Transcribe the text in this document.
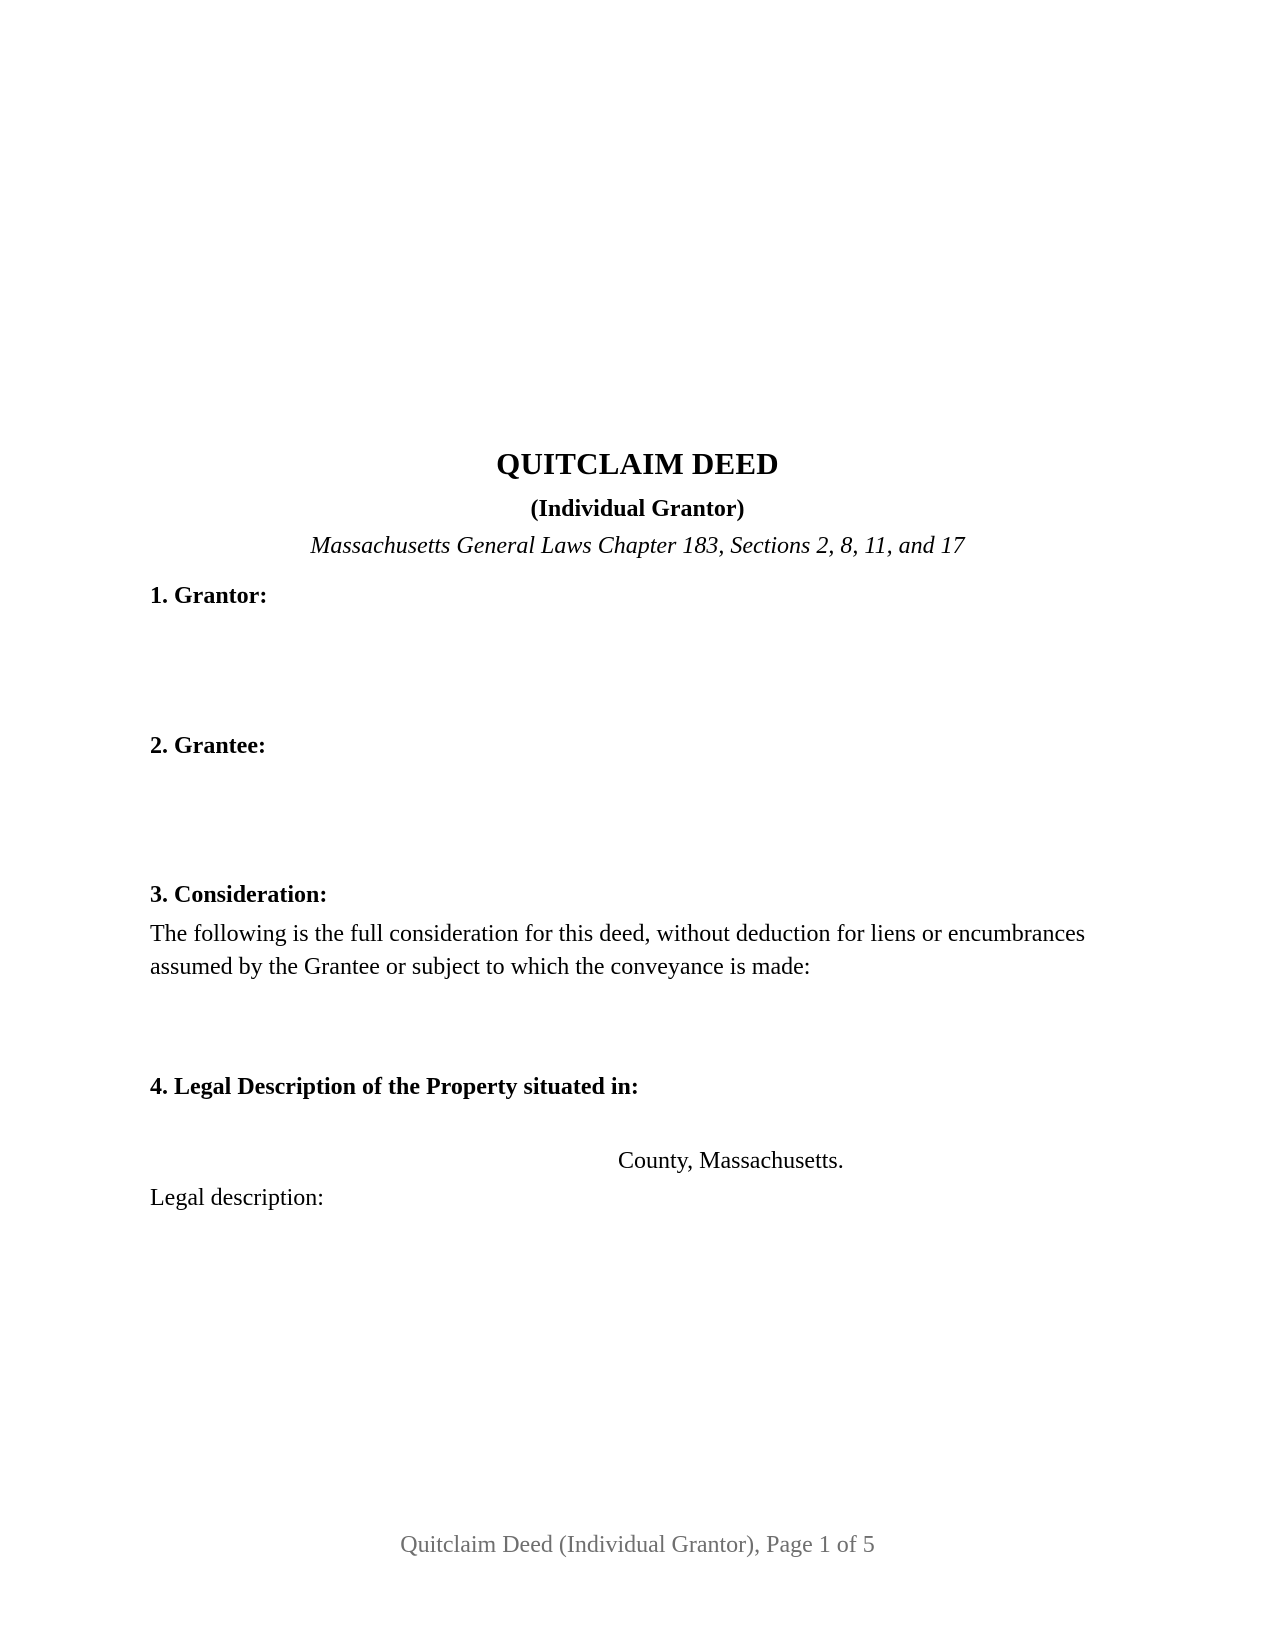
QUITCLAIM DEED
(Individual Grantor)
Massachusetts General Laws Chapter 183, Sections 2, 8, 11, and 17
1. Grantor:
2. Grantee:
3. Consideration:
The following is the full consideration for this deed, without deduction for liens or encumbrances assumed by the Grantee or subject to which the conveyance is made:
4. Legal Description of the Property situated in:
County, Massachusetts.
Legal description:
Quitclaim Deed (Individual Grantor), Page 1 of 5
